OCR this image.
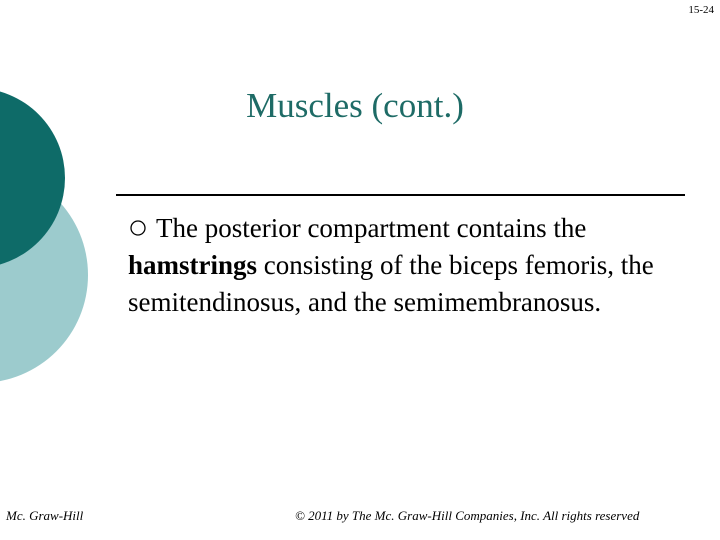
15-24
Muscles (cont.)
The posterior compartment contains the hamstrings consisting of the biceps femoris, the semitendinosus, and the semimembranosus.
Mc. Graw-Hill	© 2011 by The Mc. Graw-Hill Companies, Inc. All rights reserved
